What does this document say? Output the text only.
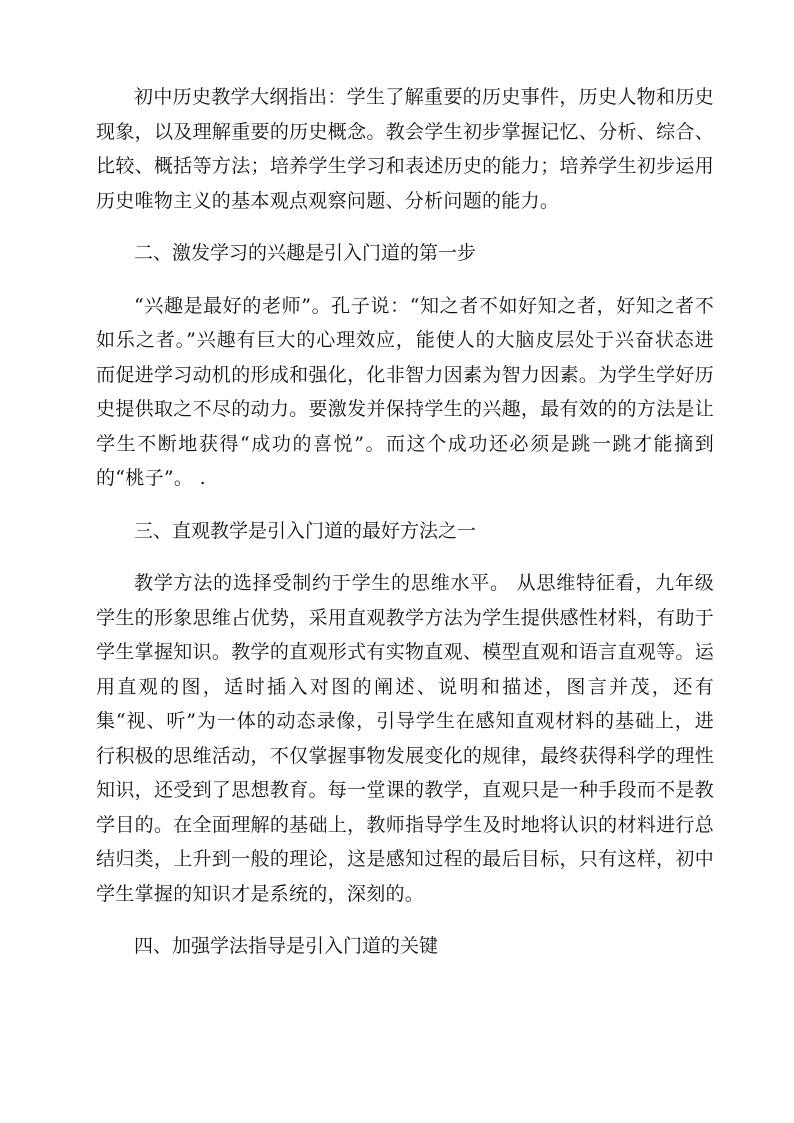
初中历史教学大纲指出：学生了解重要的历史事件，历史人物和历史现象，以及理解重要的历史概念。教会学生初步掌握记忆、分析、综合、比较、概括等方法；培养学生学习和表述历史的能力；培养学生初步运用历史唯物主义的基本观点观察问题、分析问题的能力。

二、激发学习的兴趣是引入门道的第一步

“兴趣是最好的老师”。孔子说：“知之者不如好知之者，好知之者不如乐之者。”兴趣有巨大的心理效应，能使人的大脑皮层处于兴奋状态进而促进学习动机的形成和强化，化非智力因素为智力因素。为学生学好历史提供取之不尽的动力。要激发并保持学生的兴趣，最有效的的方法是让学生不断地获得“成功的喜悦”。而这个成功还必须是跳一跳才能摘到的“桃子”。 .

三、直观教学是引入门道的最好方法之一

教学方法的选择受制约于学生的思维水平。 从思维特征看，九年级学生的形象思维占优势，采用直观教学方法为学生提供感性材料，有助于学生掌握知识。教学的直观形式有实物直观、模型直观和语言直观等。运用直观的图，适时插入对图的阐述、说明和描述，图言并茂，还有集“视、听”为一体的动态录像，引导学生在感知直观材料的基础上，进行积极的思维活动，不仅掌握事物发展变化的规律，最终获得科学的理性知识，还受到了思想教育。每一堂课的教学，直观只是一种手段而不是教学目的。在全面理解的基础上，教师指导学生及时地将认识的材料进行总结归类，上升到一般的理论，这是感知过程的最后目标，只有这样，初中学生掌握的知识才是系统的，深刻的。

四、加强学法指导是引入门道的关键
